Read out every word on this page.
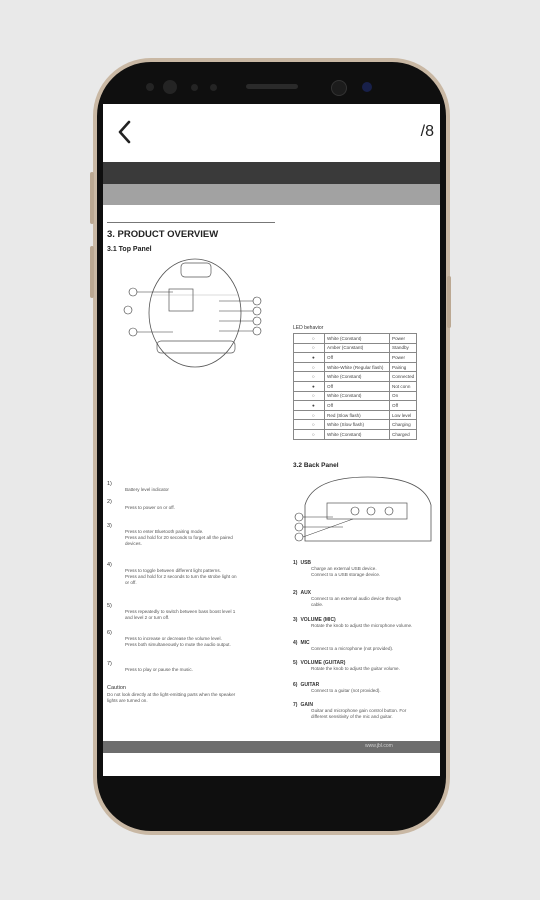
/8
3. PRODUCT OVERVIEW
3.1 Top Panel
1)
Battery level indicator
2)
Press to power on or off.
3)
Press to enter Bluetooth pairing mode.
Press and hold for 20 seconds to forget all the paired
devices.
4)
Press to toggle between different light patterns.
Press and hold for 2 seconds to turn the strobe light on
or off.
5)
Press repeatedly to switch between bass boost level 1
and level 2 or turn off.
6)
Press to increase or decrease the volume level.
Press both simultaneously to mute the audio output.
7)
Press to play or pause the music.
Caution
Do not look directly at the light-emitting parts when the speaker
lights are turned on.
LED behavior
○	White (Constant)	Power
○	Amber (Constant)	Standby
●	Off	Power
○	White-White (Regular flash)	Pairing
○	White (Constant)	Connected
●	Off	Not conn
○	White (Constant)	On
●	Off	Off
○	Red (Slow flash)	Low level
○	White (Slow flash)	Charging
○	White (Constant)	Charged
3.2 Back Panel
1) USB
Charge an external USB device.
Connect to a USB storage device.
2) AUX
Connect to an external audio device through
cable.
3) VOLUME (MIC)
Rotate the knob to adjust the microphone volume.
4) MIC
Connect to a microphone (not provided).
5) VOLUME (GUITAR)
Rotate the knob to adjust the guitar volume.
6) GUITAR
Connect to a guitar (not provided).
7) GAIN
Guitar and microphone gain control button. For
different sensitivity of the mic and guitar.
www.jbl.com
